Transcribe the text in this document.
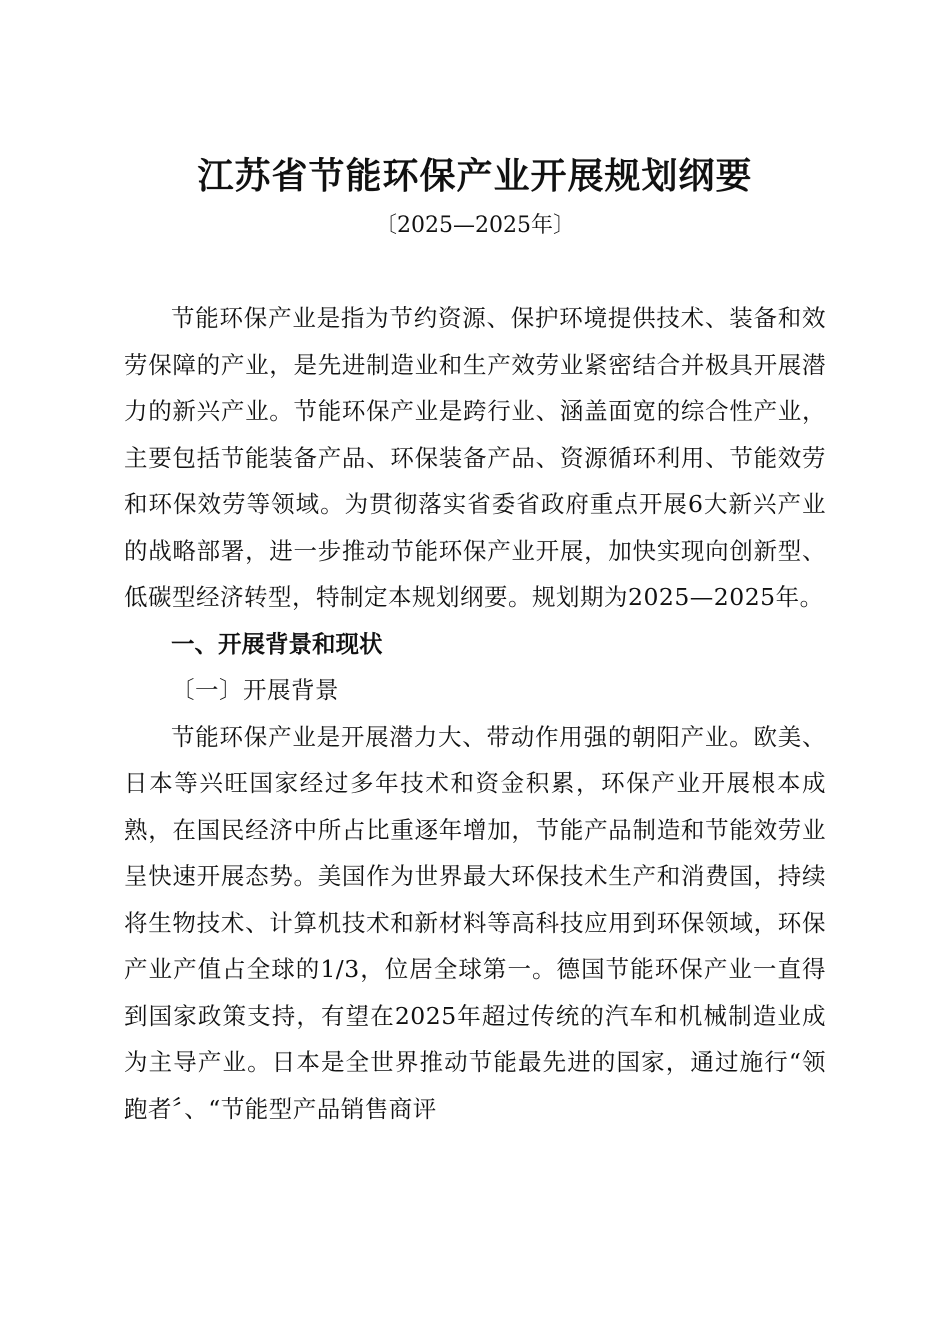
江苏省节能环保产业开展规划纲要

〔2025—2025年〕

节能环保产业是指为节约资源、保护环境提供技术、装备和效劳保障的产业，是先进制造业和生产效劳业紧密结合并极具开展潜力的新兴产业。节能环保产业是跨行业、涵盖面宽的综合性产业，主要包括节能装备产品、环保装备产品、资源循环利用、节能效劳和环保效劳等领域。为贯彻落实省委省政府重点开展6大新兴产业的战略部署，进一步推动节能环保产业开展，加快实现向创新型、低碳型经济转型，特制定本规划纲要。规划期为2025—2025年。

一、开展背景和现状

〔一〕开展背景

节能环保产业是开展潜力大、带动作用强的朝阳产业。欧美、日本等兴旺国家经过多年技术和资金积累，环保产业开展根本成熟，在国民经济中所占比重逐年增加，节能产品制造和节能效劳业呈快速开展态势。美国作为世界最大环保技术生产和消费国，持续将生物技术、计算机技术和新材料等高科技应用到环保领域，环保产业产值占全球的1/3，位居全球第一。德国节能环保产业一直得到国家政策支持，有望在2025年超过传统的汽车和机械制造业成为主导产业。日本是全世界推动节能最先进的国家，通过施行“领跑者〞、“节能型产品销售商评
